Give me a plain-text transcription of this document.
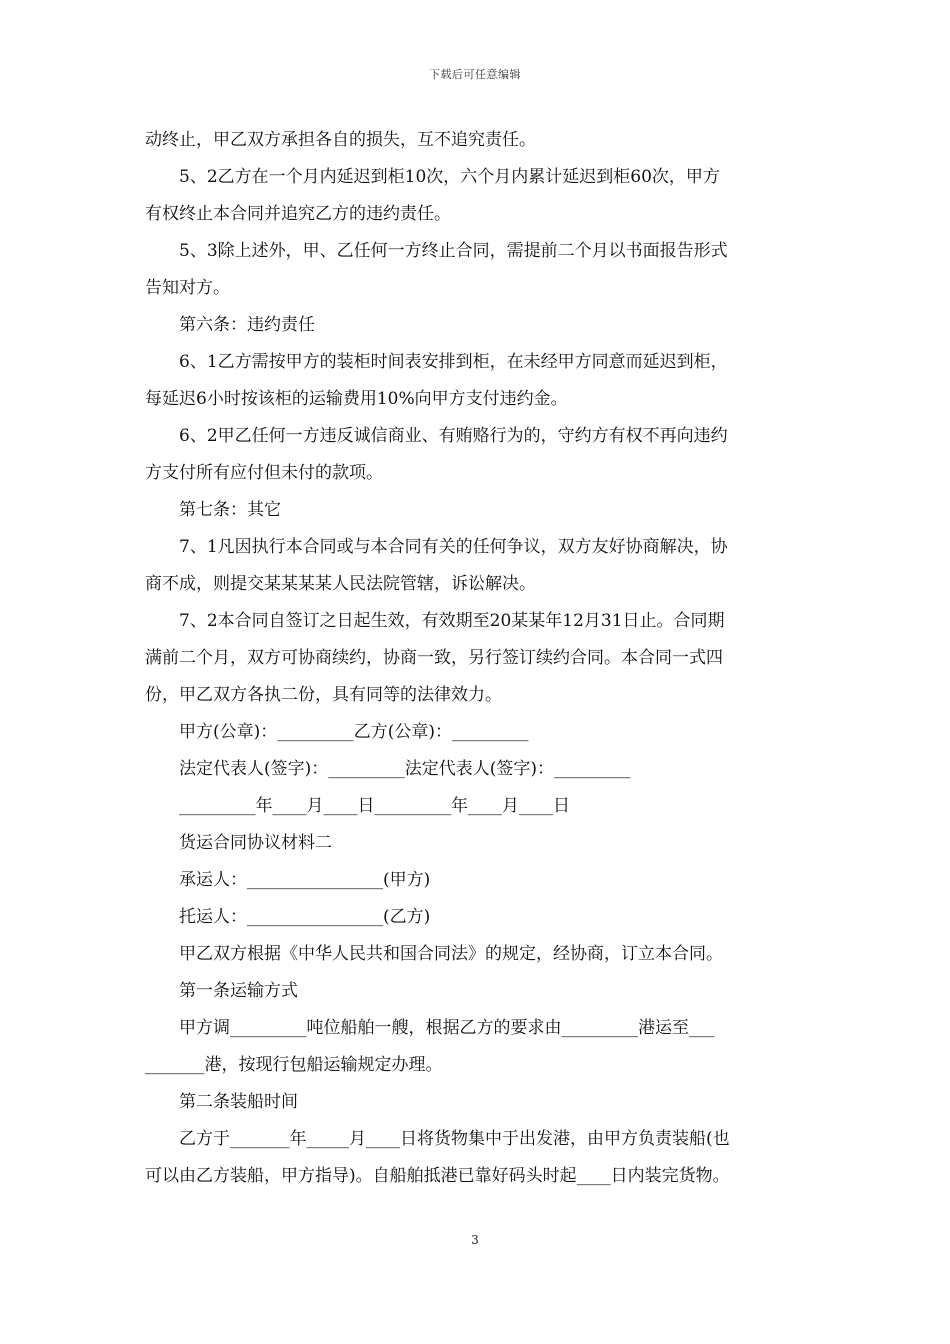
下载后可任意编辑
动终止，甲乙双方承担各自的损失，互不追究责任。
5、2乙方在一个月内延迟到柜10次，六个月内累计延迟到柜60次，甲方
有权终止本合同并追究乙方的违约责任。
5、3除上述外，甲、乙任何一方终止合同，需提前二个月以书面报告形式
告知对方。
第六条：违约责任
6、1乙方需按甲方的装柜时间表安排到柜，在未经甲方同意而延迟到柜，
每延迟6小时按该柜的运输费用10%向甲方支付违约金。
6、2甲乙任何一方违反诚信商业、有贿赂行为的，守约方有权不再向违约
方支付所有应付但未付的款项。
第七条：其它
7、1凡因执行本合同或与本合同有关的任何争议，双方友好协商解决，协
商不成，则提交某某某某人民法院管辖，诉讼解决。
7、2本合同自签订之日起生效，有效期至20某某年12月31日止。合同期
满前二个月，双方可协商续约，协商一致，另行签订续约合同。本合同一式四
份，甲乙双方各执二份，具有同等的法律效力。
甲方(公章)：_________乙方(公章)：_________
法定代表人(签字)：_________法定代表人(签字)：_________
_________年____月____日_________年____月____日
货运合同协议材料二
承运人：________________(甲方)
托运人：________________(乙方)
甲乙双方根据《中华人民共和国合同法》的规定，经协商，订立本合同。
第一条运输方式
甲方调_________吨位船舶一艘，根据乙方的要求由_________港运至___
_______港，按现行包船运输规定办理。
第二条装船时间
乙方于_______年_____月____日将货物集中于出发港，由甲方负责装船(也
可以由乙方装船，甲方指导)。自船舶抵港已靠好码头时起____日内装完货物。
3
